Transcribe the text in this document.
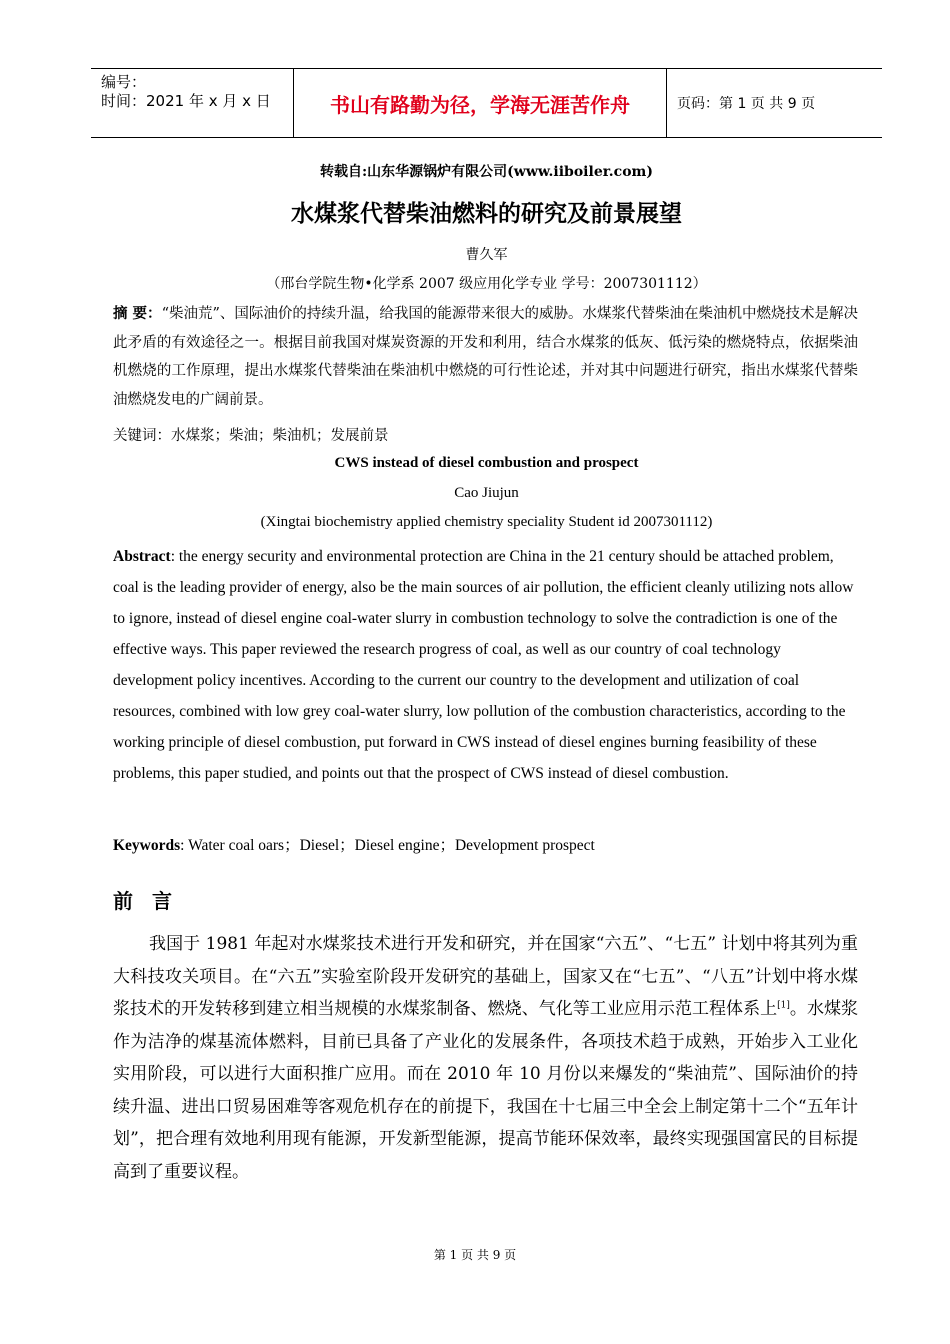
编号：
时间：2021 年 x 月 x 日	书山有路勤为径，学海无涯苦作舟	页码：第 1 页 共 9 页
转载自:山东华源锅炉有限公司(www.iiboiler.com)
水煤浆代替柴油燃料的研究及前景展望
曹久军
（邢台学院生物•化学系 2007 级应用化学专业 学号：2007301112）
摘 要：“柴油荒”、国际油价的持续升温，给我国的能源带来很大的威胁。水煤浆代替柴油在柴油机中燃烧技术是解决此矛盾的有效途径之一。根据目前我国对煤炭资源的开发和利用，结合水煤浆的低灰、低污染的燃烧特点，依据柴油机燃烧的工作原理，提出水煤浆代替柴油在柴油机中燃烧的可行性论述，并对其中问题进行研究，指出水煤浆代替柴油燃烧发电的广阔前景。
关键词：水煤浆；柴油；柴油机；发展前景
CWS instead of diesel combustion and prospect
Cao Jiujun
(Xingtai biochemistry applied chemistry speciality Student id 2007301112)
Abstract: the energy security and environmental protection are China in the 21 century should be attached problem, coal is the leading provider of energy, also be the main sources of air pollution, the efficient cleanly utilizing nots allow to ignore, instead of diesel engine coal-water slurry in combustion technology to solve the contradiction is one of the effective ways. This paper reviewed the research progress of coal, as well as our country of coal technology development policy incentives. According to the current our country to the development and utilization of coal resources, combined with low grey coal-water slurry, low pollution of the combustion characteristics, according to the working principle of diesel combustion, put forward in CWS instead of diesel engines burning feasibility of these problems, this paper studied, and points out that the prospect of CWS instead of diesel combustion.
Keywords: Water coal oars；Diesel；Diesel engine；Development prospect
前 言
我国于 1981 年起对水煤浆技术进行开发和研究，并在国家“六五”、“七五” 计划中将其列为重大科技攻关项目。在“六五”实验室阶段开发研究的基础上，国家又在“七五”、“八五”计划中将水煤浆技术的开发转移到建立相当规模的水煤浆制备、燃烧、气化等工业应用示范工程体系上[1]。水煤浆作为洁净的煤基流体燃料，目前已具备了产业化的发展条件，各项技术趋于成熟，开始步入工业化实用阶段，可以进行大面积推广应用。而在 2010 年 10 月份以来爆发的“柴油荒”、国际油价的持续升温、进出口贸易困难等客观危机存在的前提下，我国在十七届三中全会上制定第十二个“五年计划”，把合理有效地利用现有能源，开发新型能源，提高节能环保效率，最终实现强国富民的目标提高到了重要议程。
第 1 页 共 9 页
